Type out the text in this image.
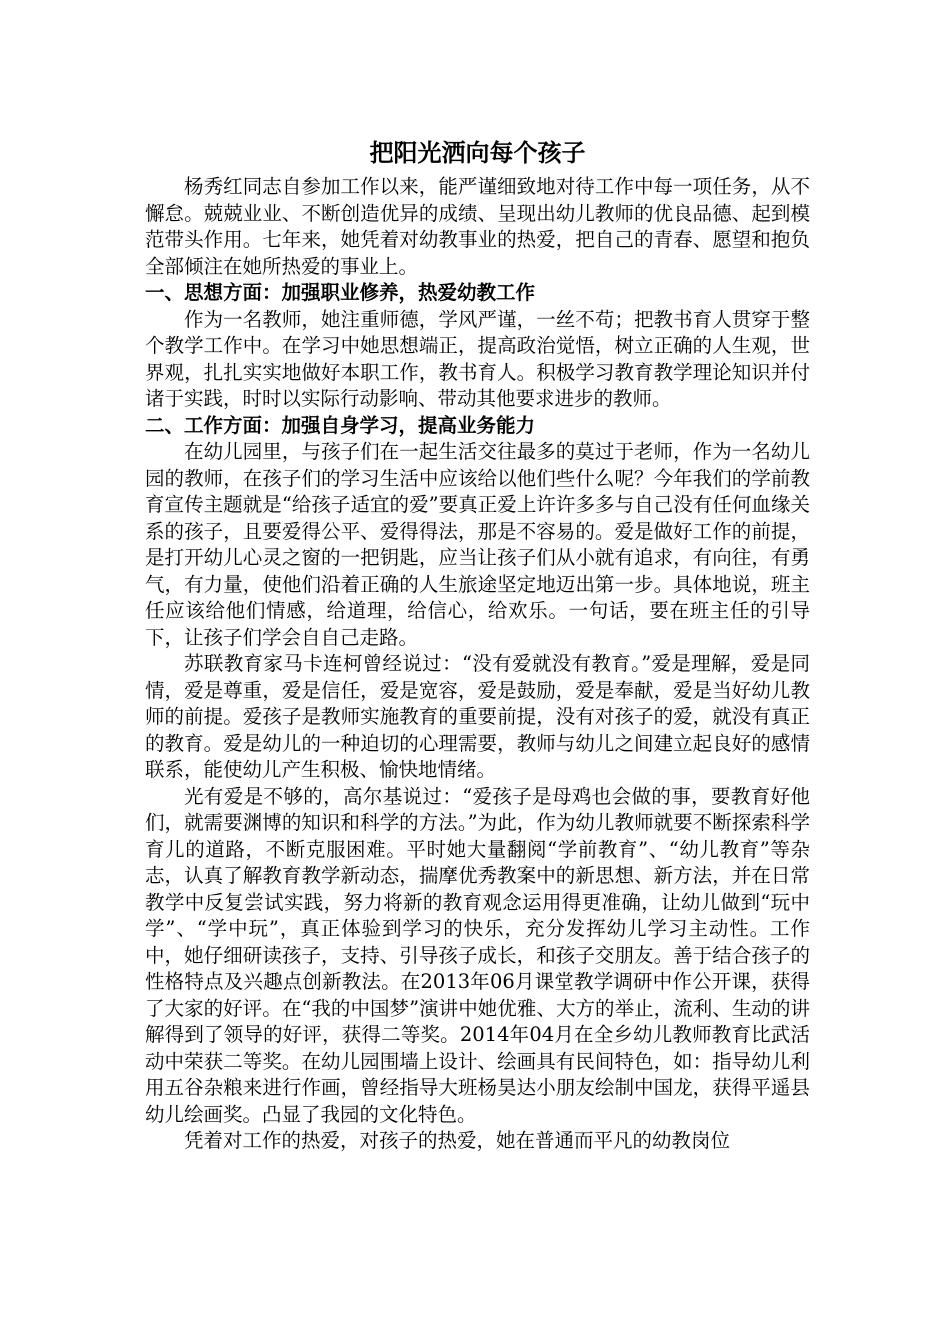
把阳光洒向每个孩子

杨秀红同志自参加工作以来，能严谨细致地对待工作中每一项任务，从不懈怠。兢兢业业、不断创造优异的成绩、呈现出幼儿教师的优良品德、起到模范带头作用。七年来，她凭着对幼教事业的热爱，把自己的青春、愿望和抱负全部倾注在她所热爱的事业上。

一、思想方面：加强职业修养，热爱幼教工作

作为一名教师，她注重师德，学风严谨，一丝不苟；把教书育人贯穿于整个教学工作中。在学习中她思想端正，提高政治觉悟，树立正确的人生观，世界观，扎扎实实地做好本职工作，教书育人。积极学习教育教学理论知识并付诸于实践，时时以实际行动影响、带动其他要求进步的教师。

二、工作方面：加强自身学习，提高业务能力

在幼儿园里，与孩子们在一起生活交往最多的莫过于老师，作为一名幼儿园的教师，在孩子们的学习生活中应该给以他们些什么呢？今年我们的学前教育宣传主题就是“给孩子适宜的爱”要真正爱上许许多多与自己没有任何血缘关系的孩子，且要爱得公平、爱得得法，那是不容易的。爱是做好工作的前提，是打开幼儿心灵之窗的一把钥匙，应当让孩子们从小就有追求，有向往，有勇气，有力量，使他们沿着正确的人生旅途坚定地迈出第一步。具体地说，班主任应该给他们情感，给道理，给信心，给欢乐。一句话，要在班主任的引导下，让孩子们学会自自己走路。

苏联教育家马卡连柯曾经说过：“没有爱就没有教育。”爱是理解，爱是同情，爱是尊重，爱是信任，爱是宽容，爱是鼓励，爱是奉献，爱是当好幼儿教师的前提。爱孩子是教师实施教育的重要前提，没有对孩子的爱，就没有真正的教育。爱是幼儿的一种迫切的心理需要，教师与幼儿之间建立起良好的感情联系，能使幼儿产生积极、愉快地情绪。

光有爱是不够的，高尔基说过：“爱孩子是母鸡也会做的事，要教育好他们，就需要渊博的知识和科学的方法。”为此，作为幼儿教师就要不断探索科学育儿的道路，不断克服困难。平时她大量翻阅“学前教育”、“幼儿教育”等杂志，认真了解教育教学新动态，揣摩优秀教案中的新思想、新方法，并在日常教学中反复尝试实践，努力将新的教育观念运用得更准确，让幼儿做到“玩中学”、“学中玩”，真正体验到学习的快乐，充分发挥幼儿学习主动性。工作中，她仔细研读孩子，支持、引导孩子成长，和孩子交朋友。善于结合孩子的性格特点及兴趣点创新教法。在2013年06月课堂教学调研中作公开课，获得了大家的好评。在“我的中国梦”演讲中她优雅、大方的举止，流利、生动的讲解得到了领导的好评，获得二等奖。2014年04月在全乡幼儿教师教育比武活动中荣获二等奖。在幼儿园围墙上设计、绘画具有民间特色，如：指导幼儿利用五谷杂粮来进行作画，曾经指导大班杨昊达小朋友绘制中国龙，获得平遥县幼儿绘画奖。凸显了我园的文化特色。

凭着对工作的热爱，对孩子的热爱，她在普通而平凡的幼教岗位
